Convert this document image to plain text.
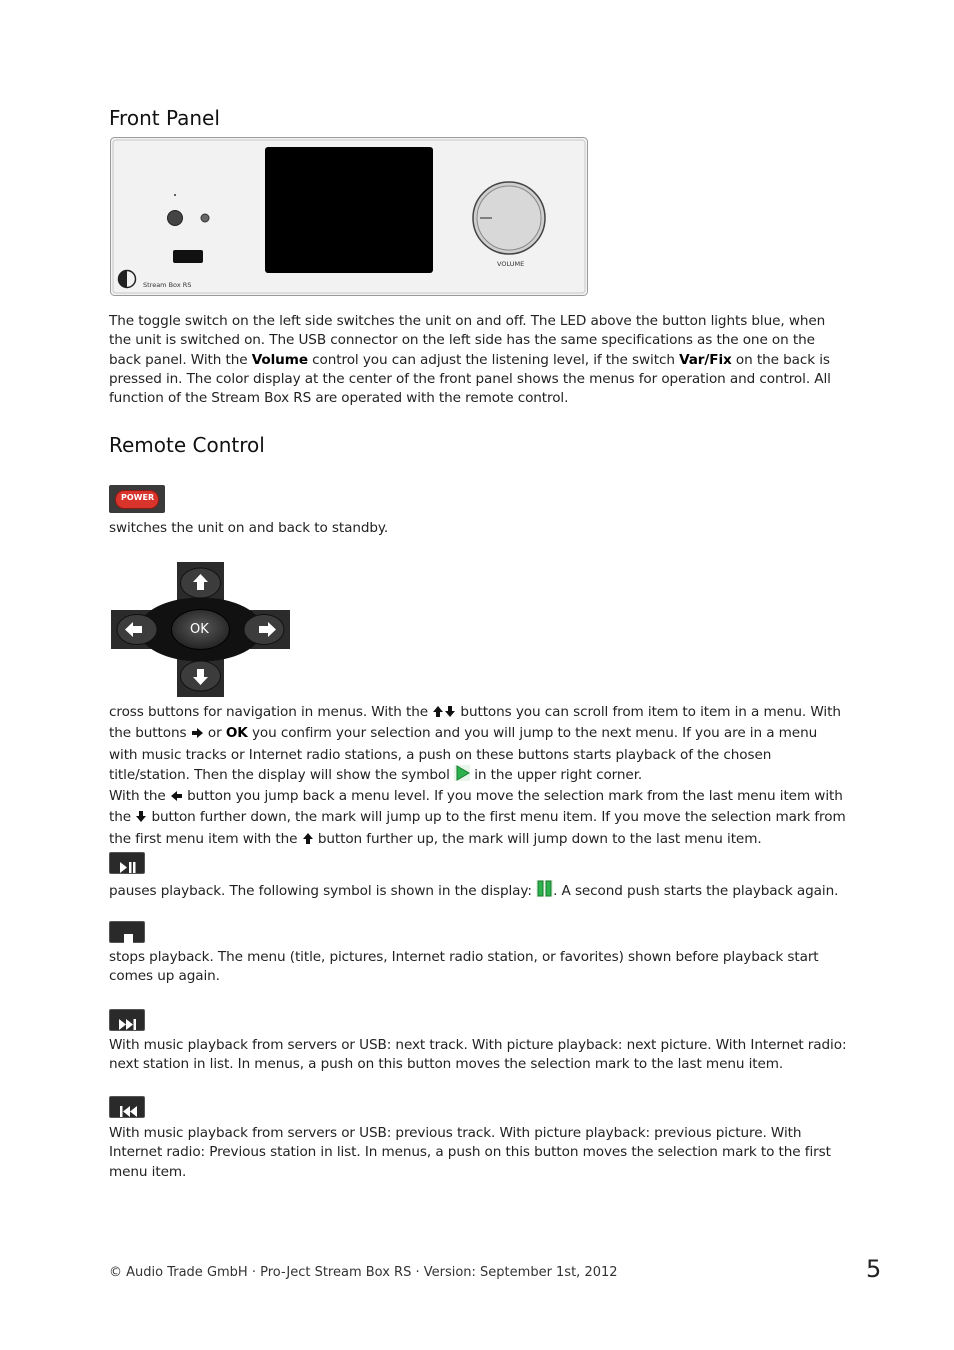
Front Panel
Stream Box RS
VOLUME

The toggle switch on the left side switches the unit on and off. The LED above the button lights blue, when the unit is switched on. The USB connector on the left side has the same specifications as the one on the back panel. With the Volume control you can adjust the listening level, if the switch Var/Fix on the back is pressed in. The color display at the center of the front panel shows the menus for operation and control. All function of the Stream Box RS are operated with the remote control.

Remote Control
POWER

switches the unit on and back to standby.

OK

cross buttons for navigation in menus. With the  buttons you can scroll from item to item in a menu. With the buttons  or OK you confirm your selection and you will jump to the next menu. If you are in a menu with music tracks or Internet radio stations, a push on these buttons starts playback of the chosen title/station. Then the display will show the symbol  in the upper right corner.
With the  button you jump back a menu level. If you move the selection mark from the last menu item with the  button further down, the mark will jump up to the first menu item. If you move the selection mark from the first menu item with the  button further up, the mark will jump down to the last menu item.

pauses playback. The following symbol is shown in the display: . A second push starts the playback again.

stops playback. The menu (title, pictures, Internet radio station, or favorites) shown before playback start comes up again.

With music playback from servers or USB: next track. With picture playback: next picture. With Internet radio: next station in list. In menus, a push on this button moves the selection mark to the last menu item.

With music playback from servers or USB: previous track. With picture playback: previous picture. With Internet radio: Previous station in list. In menus, a push on this button moves the selection mark to the first menu item.

© Audio Trade GmbH · Pro-Ject Stream Box RS · Version: September 1st, 2012	5
